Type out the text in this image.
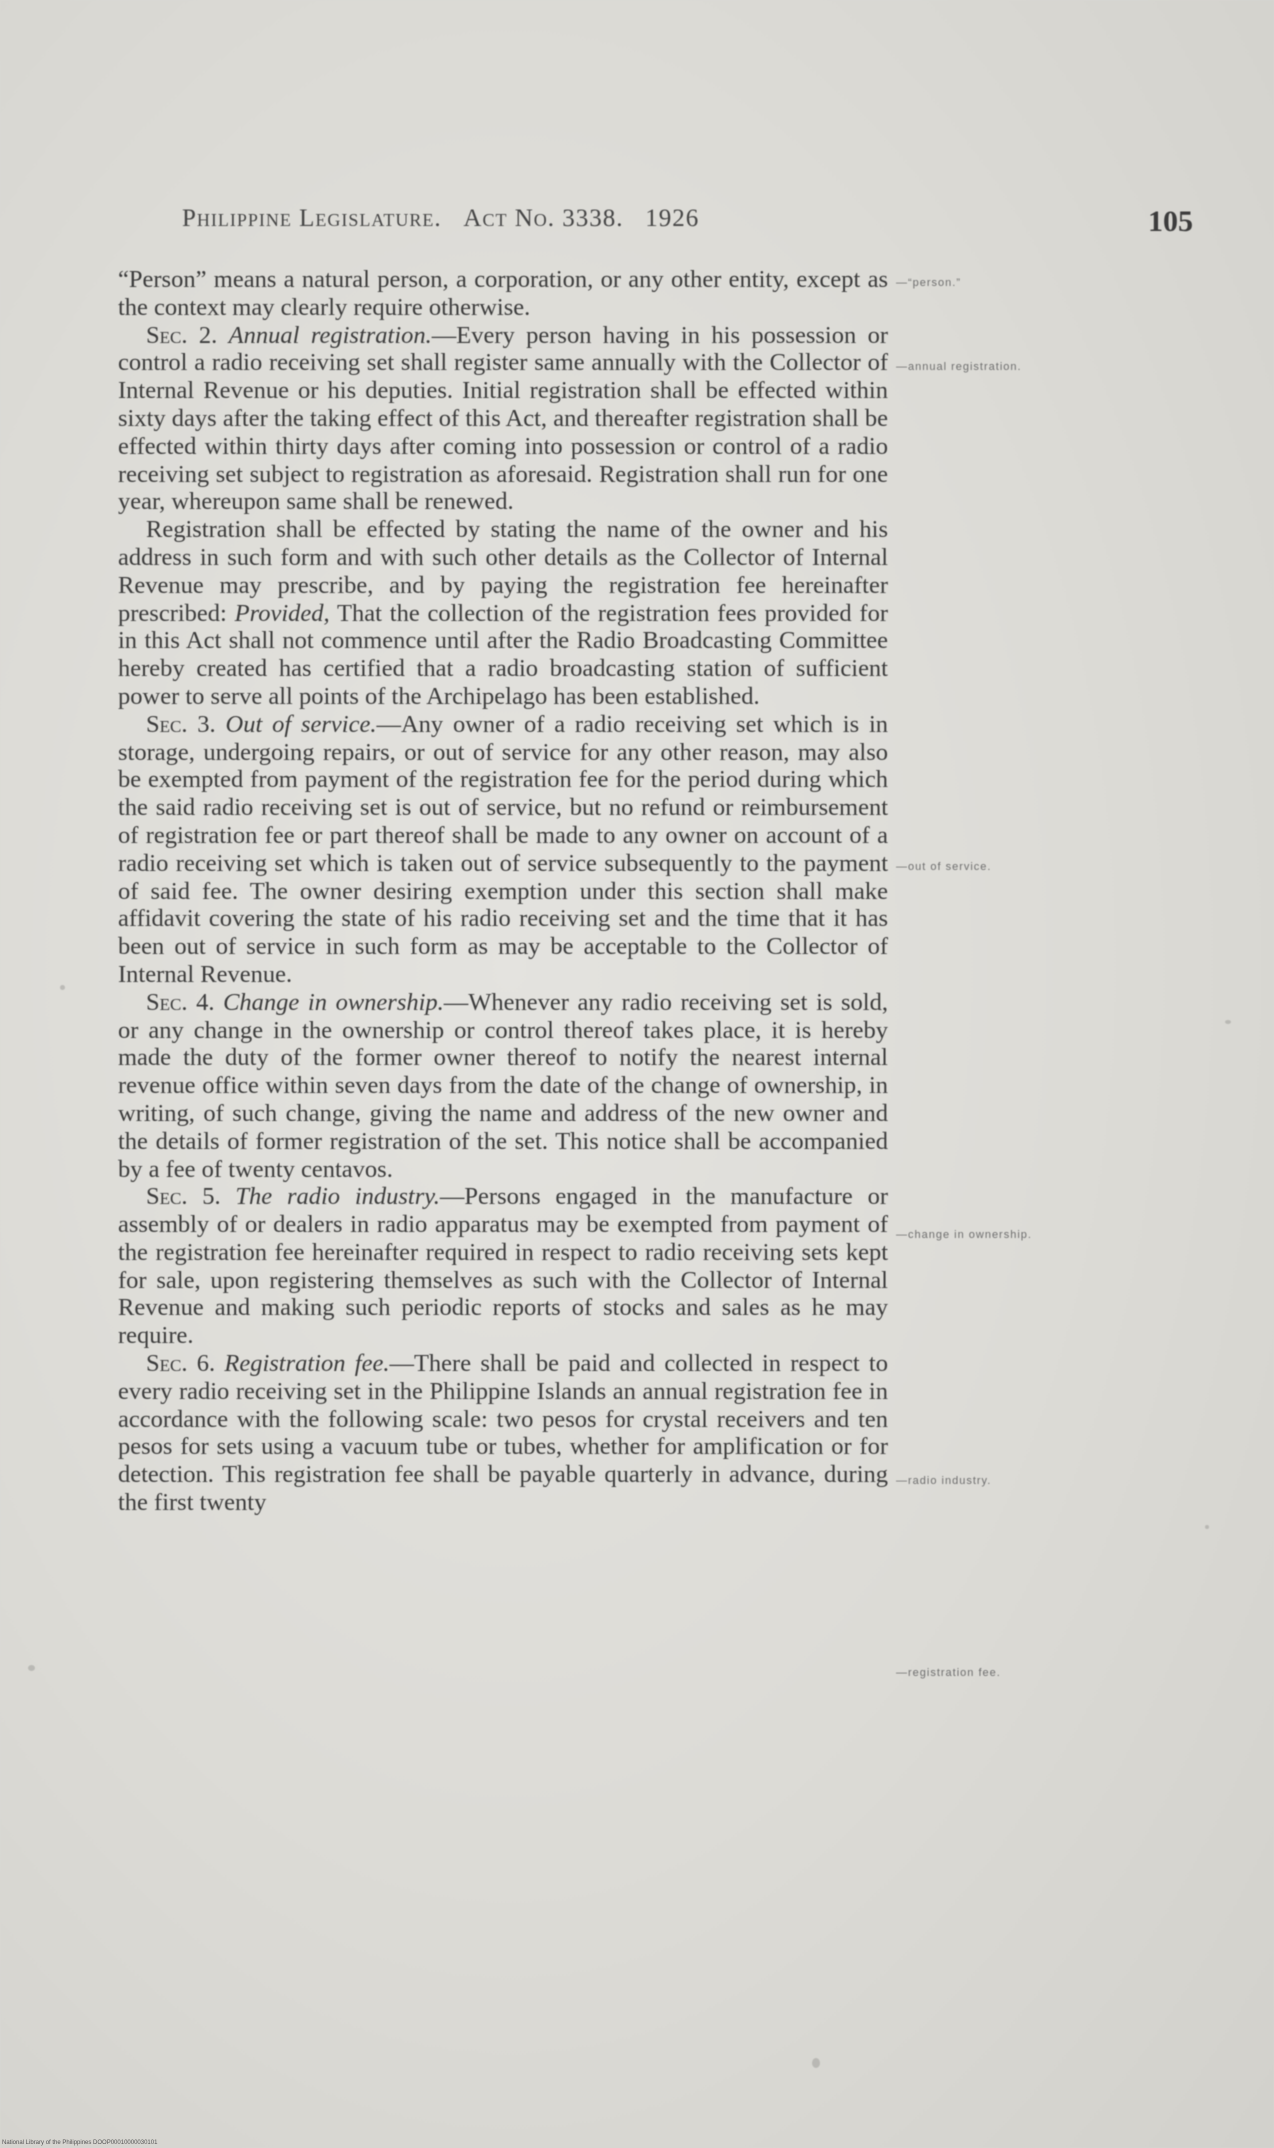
Philippine Legislature. Act No. 3338. 1926	105

“Person” means a natural person, a corporation, or any other entity, except as the context may clearly require otherwise.

Sec. 2. Annual registration.—Every person having in his possession or control a radio receiving set shall register same annually with the Collector of Internal Revenue or his deputies. Initial registration shall be effected within sixty days after the taking effect of this Act, and thereafter registration shall be effected within thirty days after coming into possession or control of a radio receiving set subject to registration as aforesaid. Registration shall run for one year, whereupon same shall be renewed.

Registration shall be effected by stating the name of the owner and his address in such form and with such other details as the Collector of Internal Revenue may prescribe, and by paying the registration fee hereinafter prescribed: Provided, That the collection of the registration fees provided for in this Act shall not commence until after the Radio Broadcasting Committee hereby created has certified that a radio broadcasting station of sufficient power to serve all points of the Archipelago has been established.

Sec. 3. Out of service.—Any owner of a radio receiving set which is in storage, undergoing repairs, or out of service for any other reason, may also be exempted from payment of the registration fee for the period during which the said radio receiving set is out of service, but no refund or reimbursement of registration fee or part thereof shall be made to any owner on account of a radio receiving set which is taken out of service subsequently to the payment of said fee. The owner desiring exemption under this section shall make affidavit covering the state of his radio receiving set and the time that it has been out of service in such form as may be acceptable to the Collector of Internal Revenue.

Sec. 4. Change in ownership.—Whenever any radio receiving set is sold, or any change in the ownership or control thereof takes place, it is hereby made the duty of the former owner thereof to notify the nearest internal revenue office within seven days from the date of the change of ownership, in writing, of such change, giving the name and address of the new owner and the details of former registration of the set. This notice shall be accompanied by a fee of twenty centavos.

Sec. 5. The radio industry.—Persons engaged in the manufacture or assembly of or dealers in radio apparatus may be exempted from payment of the registration fee hereinafter required in respect to radio receiving sets kept for sale, upon registering themselves as such with the Collector of Internal Revenue and making such periodic reports of stocks and sales as he may require.

Sec. 6. Registration fee.—There shall be paid and collected in respect to every radio receiving set in the Philippine Islands an annual registration fee in accordance with the following scale: two pesos for crystal receivers and ten pesos for sets using a vacuum tube or tubes, whether for amplification or for detection. This registration fee shall be payable quarterly in advance, during the first twenty

—“person.”
—annual registration.
—out of service.
—change in ownership.
—radio industry.
—registration fee.
National Library of the Philippines DOOP00010000030101
